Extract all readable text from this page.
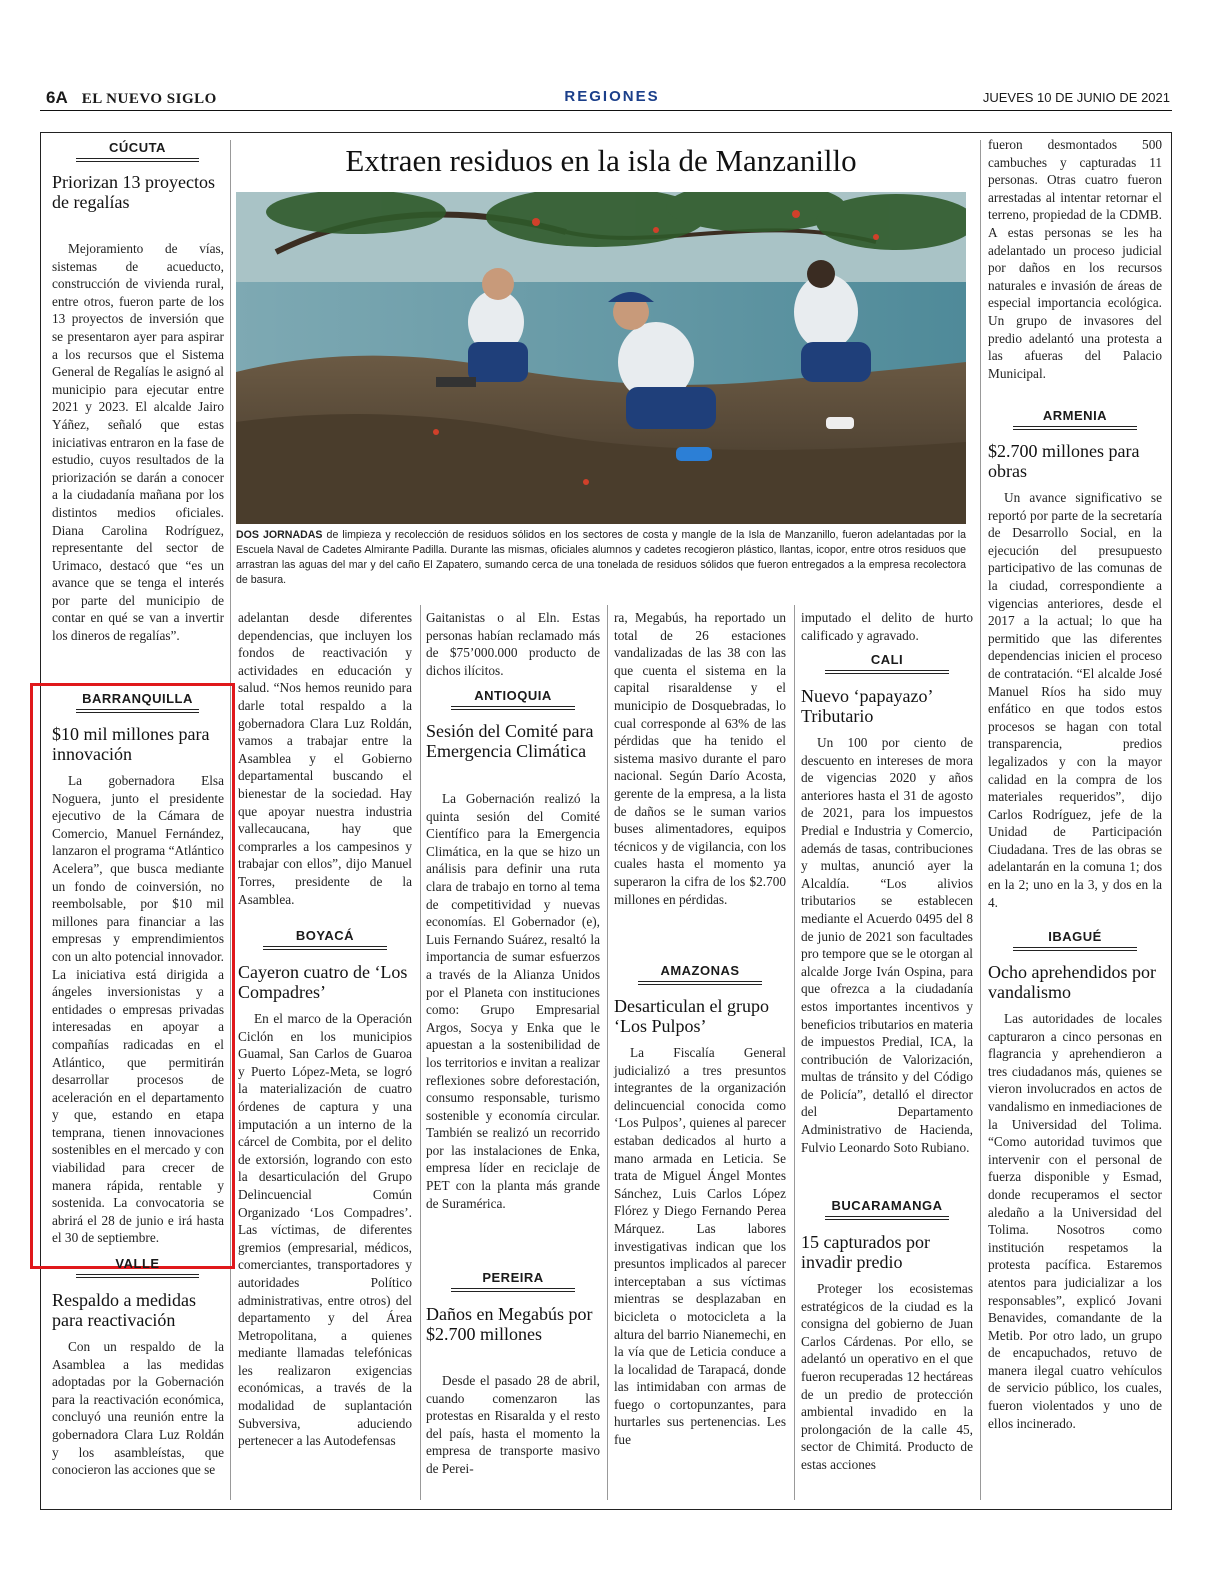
6A EL NUEVO SIGLO	REGIONES	JUEVES 10 DE JUNIO DE 2021
Extraen residuos en la isla de Manzanillo
DOS JORNADAS de limpieza y recolección de residuos sólidos en los sectores de costa y mangle de la Isla de Manzanillo, fueron adelantadas por la Escuela Naval de Cadetes Almirante Padilla. Durante las mismas, oficiales alumnos y cadetes recogieron plástico, llantas, icopor, entre otros residuos que arrastran las aguas del mar y del caño El Zapatero, sumando cerca de una tonelada de residuos sólidos que fueron entregados a la empresa recolectora de basura.
CÚCUTA
Priorizan 13 proyectos de regalías

Mejoramiento de vías, sistemas de acueducto, construcción de vivienda rural, entre otros, fueron parte de los 13 proyectos de inversión que se presentaron ayer para aspirar a los recursos que el Sistema General de Regalías le asignó al municipio para ejecutar entre 2021 y 2023. El alcalde Jairo Yáñez, señaló que estas iniciativas entraron en la fase de estudio, cuyos resultados de la priorización se darán a conocer a la ciudadanía mañana por los distintos medios oficiales. Diana Carolina Rodríguez, representante del sector de Urimaco, destacó que “es un avance que se tenga el interés por parte del municipio de contar en qué se van a invertir los dineros de regalías”.

BARRANQUILLA
$10 mil millones para innovación

La gobernadora Elsa Noguera, junto el presidente ejecutivo de la Cámara de Comercio, Manuel Fernández, lanzaron el programa “Atlántico Acelera”, que busca mediante un fondo de coinversión, no reembolsable, por $10 mil millones para financiar a las empresas y emprendimientos con un alto potencial innovador. La iniciativa está dirigida a ángeles inversionistas y a entidades o empresas privadas interesadas en apoyar a compañías radicadas en el Atlántico, que permitirán desarrollar procesos de aceleración en el departamento y que, estando en etapa temprana, tienen innovaciones sostenibles en el mercado y con viabilidad para crecer de manera rápida, rentable y sostenida. La convocatoria se abrirá el 28 de junio e irá hasta el 30 de septiembre.

VALLE
Respaldo a medidas para reactivación

Con un respaldo de la Asamblea a las medidas adoptadas por la Gobernación para la reactivación económica, concluyó una reunión entre la gobernadora Clara Luz Roldán y los asambleístas, que conocieron las acciones que se

adelantan desde diferentes dependencias, que incluyen los fondos de reactivación y actividades en educación y salud. “Nos hemos reunido para darle total respaldo a la gobernadora Clara Luz Roldán, vamos a trabajar entre la Asamblea y el Gobierno departamental buscando el bienestar de la sociedad. Hay que apoyar nuestra industria vallecaucana, hay que comprarles a los campesinos y trabajar con ellos”, dijo Manuel Torres, presidente de la Asamblea.

BOYACÁ
Cayeron cuatro de ‘Los Compadres’

En el marco de la Operación Ciclón en los municipios Guamal, San Carlos de Guaroa y Puerto López-Meta, se logró la materialización de cuatro órdenes de captura y una imputación a un interno de la cárcel de Combita, por el delito de extorsión, logrando con esto la desarticulación del Grupo Delincuencial Común Organizado ‘Los Compadres’. Las víctimas, de diferentes gremios (empresarial, médicos, comerciantes, transportadores y autoridades Político administrativas, entre otros) del departamento y del Área Metropolitana, a quienes mediante llamadas telefónicas les realizaron exigencias económicas, a través de la modalidad de suplantación Subversiva, aduciendo pertenecer a las Autodefensas

Gaitanistas o al Eln. Estas personas habían reclamado más de $75’000.000 producto de dichos ilícitos.

ANTIOQUIA
Sesión del Comité para Emergencia Climática

La Gobernación realizó la quinta sesión del Comité Científico para la Emergencia Climática, en la que se hizo un análisis para definir una ruta clara de trabajo en torno al tema de competitividad y nuevas economías. El Gobernador (e), Luis Fernando Suárez, resaltó la importancia de sumar esfuerzos a través de la Alianza Unidos por el Planeta con instituciones como: Grupo Empresarial Argos, Socya y Enka que le apuestan a la sostenibilidad de los territorios e invitan a realizar reflexiones sobre deforestación, consumo responsable, turismo sostenible y economía circular. También se realizó un recorrido por las instalaciones de Enka, empresa líder en reciclaje de PET con la planta más grande de Suramérica.

PEREIRA
Daños en Megabús por $2.700 millones

Desde el pasado 28 de abril, cuando comenzaron las protestas en Risaralda y el resto del país, hasta el momento la empresa de transporte masivo de Perei-

ra, Megabús, ha reportado un total de 26 estaciones vandalizadas de las 38 con las que cuenta el sistema en la capital risaraldense y el municipio de Dosquebradas, lo cual corresponde al 63% de las pérdidas que ha tenido el sistema masivo durante el paro nacional. Según Darío Acosta, gerente de la empresa, a la lista de daños se le suman varios buses alimentadores, equipos técnicos y de vigilancia, con los cuales hasta el momento ya superaron la cifra de los $2.700 millones en pérdidas.

AMAZONAS
Desarticulan el grupo ‘Los Pulpos’

La Fiscalía General judicializó a tres presuntos integrantes de la organización delincuencial conocida como ‘Los Pulpos’, quienes al parecer estaban dedicados al hurto a mano armada en Leticia. Se trata de Miguel Ángel Montes Sánchez, Luis Carlos López Flórez y Diego Fernando Perea Márquez. Las labores investigativas indican que los presuntos implicados al parecer interceptaban a sus víctimas mientras se desplazaban en bicicleta o motocicleta a la altura del barrio Nianemechi, en la vía que de Leticia conduce a la localidad de Tarapacá, donde las intimidaban con armas de fuego o cortopunzantes, para hurtarles sus pertenencias. Les fue

imputado el delito de hurto calificado y agravado.

CALI
Nuevo ‘papayazo’ Tributario

Un 100 por ciento de descuento en intereses de mora de vigencias 2020 y años anteriores hasta el 31 de agosto de 2021, para los impuestos Predial e Industria y Comercio, además de tasas, contribuciones y multas, anunció ayer la Alcaldía. “Los alivios tributarios se establecen mediante el Acuerdo 0495 del 8 de junio de 2021 son facultades pro tempore que se le otorgan al alcalde Jorge Iván Ospina, para que ofrezca a la ciudadanía estos importantes incentivos y beneficios tributarios en materia de impuestos Predial, ICA, la contribución de Valorización, multas de tránsito y del Código de Policía”, detalló el director del Departamento Administrativo de Hacienda, Fulvio Leonardo Soto Rubiano.

BUCARAMANGA
15 capturados por invadir predio

Proteger los ecosistemas estratégicos de la ciudad es la consigna del gobierno de Juan Carlos Cárdenas. Por ello, se adelantó un operativo en el que fueron recuperadas 12 hectáreas de un predio de protección ambiental invadido en la prolongación de la calle 45, sector de Chimitá. Producto de estas acciones

fueron desmontados 500 cambuches y capturadas 11 personas. Otras cuatro fueron arrestadas al intentar retornar el terreno, propiedad de la CDMB. A estas personas se les ha adelantado un proceso judicial por daños en los recursos naturales e invasión de áreas de especial importancia ecológica. Un grupo de invasores del predio adelantó una protesta a las afueras del Palacio Municipal.

ARMENIA
$2.700 millones para obras

Un avance significativo se reportó por parte de la secretaría de Desarrollo Social, en la ejecución del presupuesto participativo de las comunas de la ciudad, correspondiente a vigencias anteriores, desde el 2017 a la actual; lo que ha permitido que las diferentes dependencias inicien el proceso de contratación. “El alcalde José Manuel Ríos ha sido muy enfático en que todos estos procesos se hagan con total transparencia, predios legalizados y con la mayor calidad en la compra de los materiales requeridos”, dijo Carlos Rodríguez, jefe de la Unidad de Participación Ciudadana. Tres de las obras se adelantarán en la comuna 1; dos en la 2; uno en la 3, y dos en la 4.

IBAGUÉ
Ocho aprehendidos por vandalismo

Las autoridades de locales capturaron a cinco personas en flagrancia y aprehendieron a tres ciudadanos más, quienes se vieron involucrados en actos de vandalismo en inmediaciones de la Universidad del Tolima. “Como autoridad tuvimos que intervenir con el personal de fuerza disponible y Esmad, donde recuperamos el sector aledaño a la Universidad del Tolima. Nosotros como institución respetamos la protesta pacífica. Estaremos atentos para judicializar a los responsables”, explicó Jovani Benavides, comandante de la Metib. Por otro lado, un grupo de encapuchados, retuvo de manera ilegal cuatro vehículos de servicio público, los cuales, fueron violentados y uno de ellos incinerado.
